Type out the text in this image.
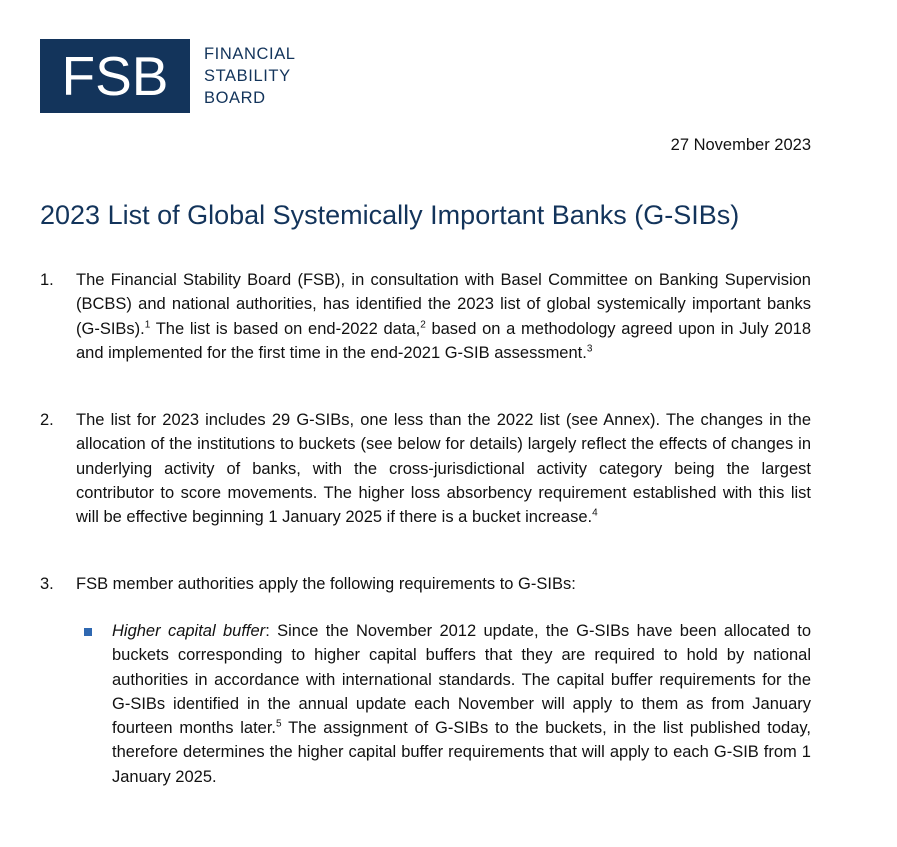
FSB FINANCIAL
STABILITY
BOARD
27 November 2023
2023 List of Global Systemically Important Banks (G-SIBs)
1. The Financial Stability Board (FSB), in consultation with Basel Committee on Banking Supervision (BCBS) and national authorities, has identified the 2023 list of global systemically important banks (G-SIBs).$^1$ The list is based on end-2022 data,$^2$ based on a methodology agreed upon in July 2018 and implemented for the first time in the end-2021 G-SIB assessment.$^3$
2. The list for 2023 includes 29 G-SIBs, one less than the 2022 list (see Annex). The changes in the allocation of the institutions to buckets (see below for details) largely reflect the effects of changes in underlying activity of banks, with the cross-jurisdictional activity category being the largest contributor to score movements. The higher loss absorbency requirement established with this list will be effective beginning 1 January 2025 if there is a bucket increase.$^4$
3. FSB member authorities apply the following requirements to G-SIBs:
Higher capital buffer: Since the November 2012 update, the G-SIBs have been allocated to buckets corresponding to higher capital buffers that they are required to hold by national authorities in accordance with international standards. The capital buffer requirements for the G-SIBs identified in the annual update each November will apply to them as from January fourteen months later.$^5$ The assignment of G-SIBs to the buckets, in the list published today, therefore determines the higher capital buffer requirements that will apply to each G-SIB from 1 January 2025.
